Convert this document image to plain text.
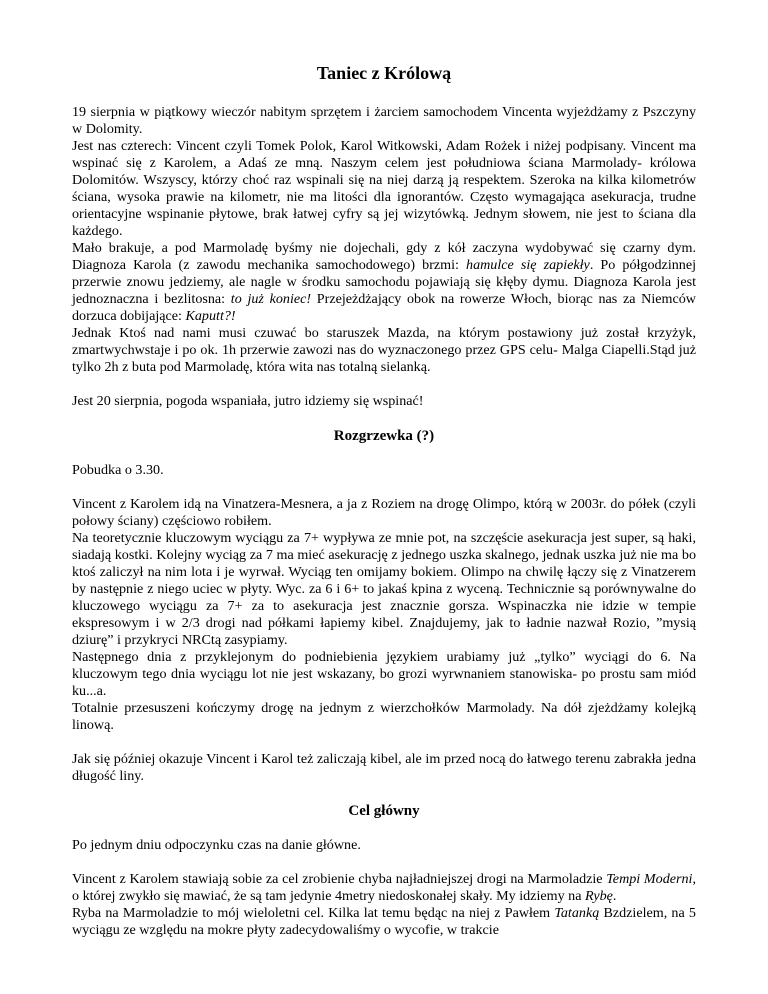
Taniec z Królową

19 sierpnia w piątkowy wieczór nabitym sprzętem i żarciem samochodem Vincenta wyjeżdżamy z Pszczyny w Dolomity.

Jest nas czterech: Vincent czyli Tomek Polok, Karol Witkowski, Adam Rożek i niżej podpisany. Vincent ma wspinać się z Karolem, a Adaś ze mną. Naszym celem jest południowa ściana Marmolady- królowa Dolomitów. Wszyscy, którzy choć raz wspinali się na niej darzą ją respektem. Szeroka na kilka kilometrów ściana, wysoka prawie na kilometr, nie ma litości dla ignorantów. Często wymagająca asekuracja, trudne orientacyjne wspinanie płytowe, brak łatwej cyfry są jej wizytówką. Jednym słowem, nie jest to ściana dla każdego.

Mało brakuje, a pod Marmoladę byśmy nie dojechali, gdy z kół zaczyna wydobywać się czarny dym. Diagnoza Karola (z zawodu mechanika samochodowego) brzmi: hamulce się zapiekły. Po półgodzinnej przerwie znowu jedziemy, ale nagle w środku samochodu pojawiają się kłęby dymu. Diagnoza Karola jest jednoznaczna i bezlitosna: to już koniec! Przejeżdżający obok na rowerze Włoch, biorąc nas za Niemców dorzuca dobijające: Kaputt?!

Jednak Ktoś nad nami musi czuwać bo staruszek Mazda, na którym postawiony już został krzyżyk, zmartwychwstaje i po ok. 1h przerwie zawozi nas do wyznaczonego przez GPS celu- Malga Ciapelli.Stąd już tylko 2h z buta pod Marmoladę, która wita nas totalną sielanką.

Jest 20 sierpnia, pogoda wspaniała, jutro idziemy się wspinać!

Rozgrzewka (?)

Pobudka o 3.30.

Vincent z Karolem idą na Vinatzera-Mesnera, a ja z Roziem na drogę Olimpo, którą w 2003r. do półek (czyli połowy ściany) częściowo robiłem.

Na teoretycznie kluczowym wyciągu za 7+ wypływa ze mnie pot, na szczęście asekuracja jest super, są haki, siadają kostki. Kolejny wyciąg za 7 ma mieć asekurację z jednego uszka skalnego, jednak uszka już nie ma bo ktoś zaliczył na nim lota i je wyrwał. Wyciąg ten omijamy bokiem. Olimpo na chwilę łączy się z Vinatzerem by następnie z niego uciec w płyty. Wyc. za 6 i 6+ to jakaś kpina z wyceną. Technicznie są porównywalne do kluczowego wyciągu za 7+ za to asekuracja jest znacznie gorsza. Wspinaczka nie idzie w tempie ekspresowym i w 2/3 drogi nad półkami łapiemy kibel. Znajdujemy, jak to ładnie nazwał Rozio, ”mysią dziurę” i przykryci NRCtą zasypiamy.

Następnego dnia z przyklejonym do podniebienia językiem urabiamy już „tylko” wyciągi do 6. Na kluczowym tego dnia wyciągu lot nie jest wskazany, bo grozi wyrwnaniem stanowiska- po prostu sam miód ku...a.

Totalnie przesuszeni kończymy drogę na jednym z wierzchołków Marmolady. Na dół zjeżdżamy kolejką linową.

Jak się później okazuje Vincent i Karol też zaliczają kibel, ale im przed nocą do łatwego terenu zabrakła jedna długość liny.

Cel główny

Po jednym dniu odpoczynku czas na danie główne.

Vincent z Karolem stawiają sobie za cel zrobienie chyba najładniejszej drogi na Marmoladzie Tempi Moderni, o której zwykło się mawiać, że są tam jedynie 4metry niedoskonałej skały. My idziemy na Rybę.

Ryba na Marmoladzie to mój wieloletni cel. Kilka lat temu będąc na niej z Pawłem Tatanką Bzdzielem, na 5 wyciągu ze względu na mokre płyty zadecydowaliśmy o wycofie, w trakcie
